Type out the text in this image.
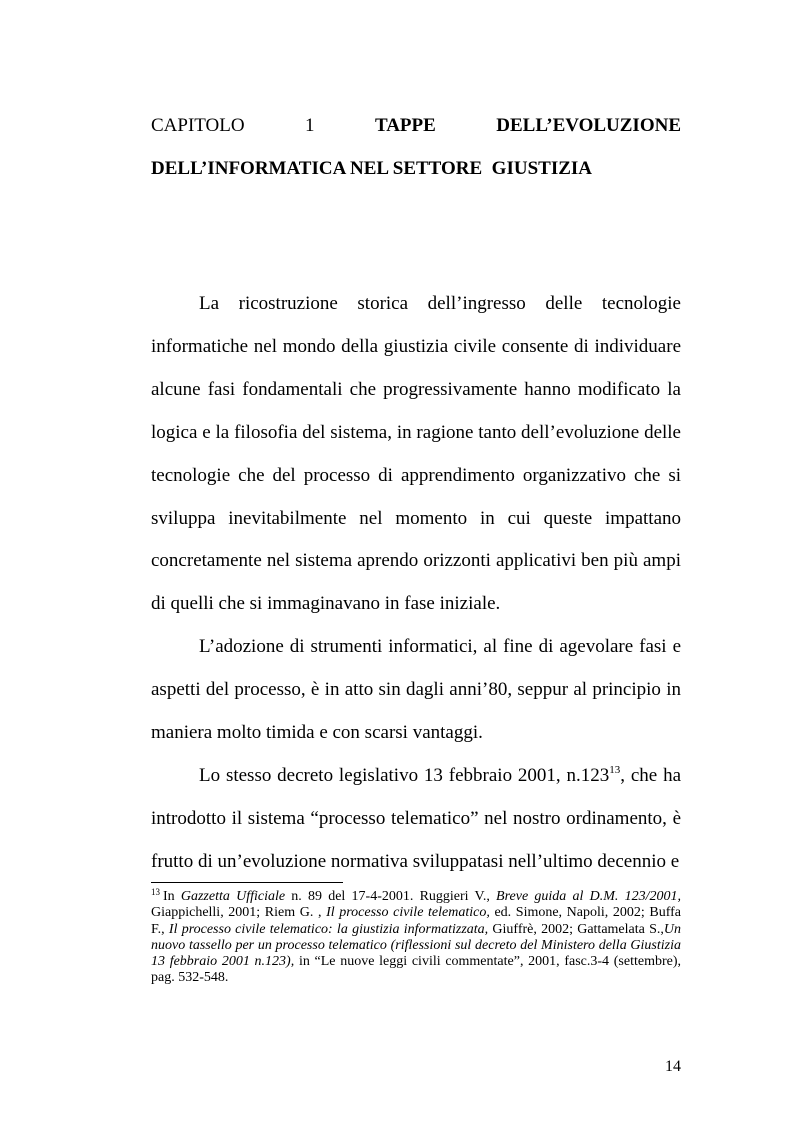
CAPITOLO	1	TAPPE	DELL’EVOLUZIONE
DELL’INFORMATICA NEL SETTORE  GIUSTIZIA

La ricostruzione storica dell’ingresso delle tecnologie informatiche nel mondo della giustizia civile consente di individuare alcune fasi fondamentali che progressivamente hanno modificato la logica e la filosofia del sistema, in ragione tanto dell’evoluzione delle tecnologie che del processo di apprendimento organizzativo che si sviluppa inevitabilmente nel momento in cui queste impattano concretamente nel sistema aprendo orizzonti applicativi ben più ampi di quelli che si immaginavano in fase iniziale.

L’adozione di strumenti informatici, al fine di agevolare fasi e aspetti del processo, è in atto sin dagli anni’80, seppur al principio in maniera molto timida e con scarsi vantaggi.

Lo stesso decreto legislativo 13 febbraio 2001, n.123$^{13}$, che ha introdotto il sistema “processo telematico” nel nostro ordinamento, è frutto di un’evoluzione normativa sviluppatasi nell’ultimo decennio e

$^{13}$ In Gazzetta Ufficiale n. 89 del 17-4-2001. Ruggieri V., Breve guida al D.M. 123/2001, Giappichelli, 2001; Riem G. , Il processo civile telematico, ed. Simone, Napoli, 2002; Buffa F., Il processo civile telematico: la giustizia informatizzata, Giuffrè, 2002; Gattamelata S.,Un nuovo tassello per un processo telematico (riflessioni sul decreto del Ministero della Giustizia 13 febbraio 2001 n.123), in “Le nuove leggi civili commentate”, 2001, fasc.3-4 (settembre), pag. 532-548.
14
